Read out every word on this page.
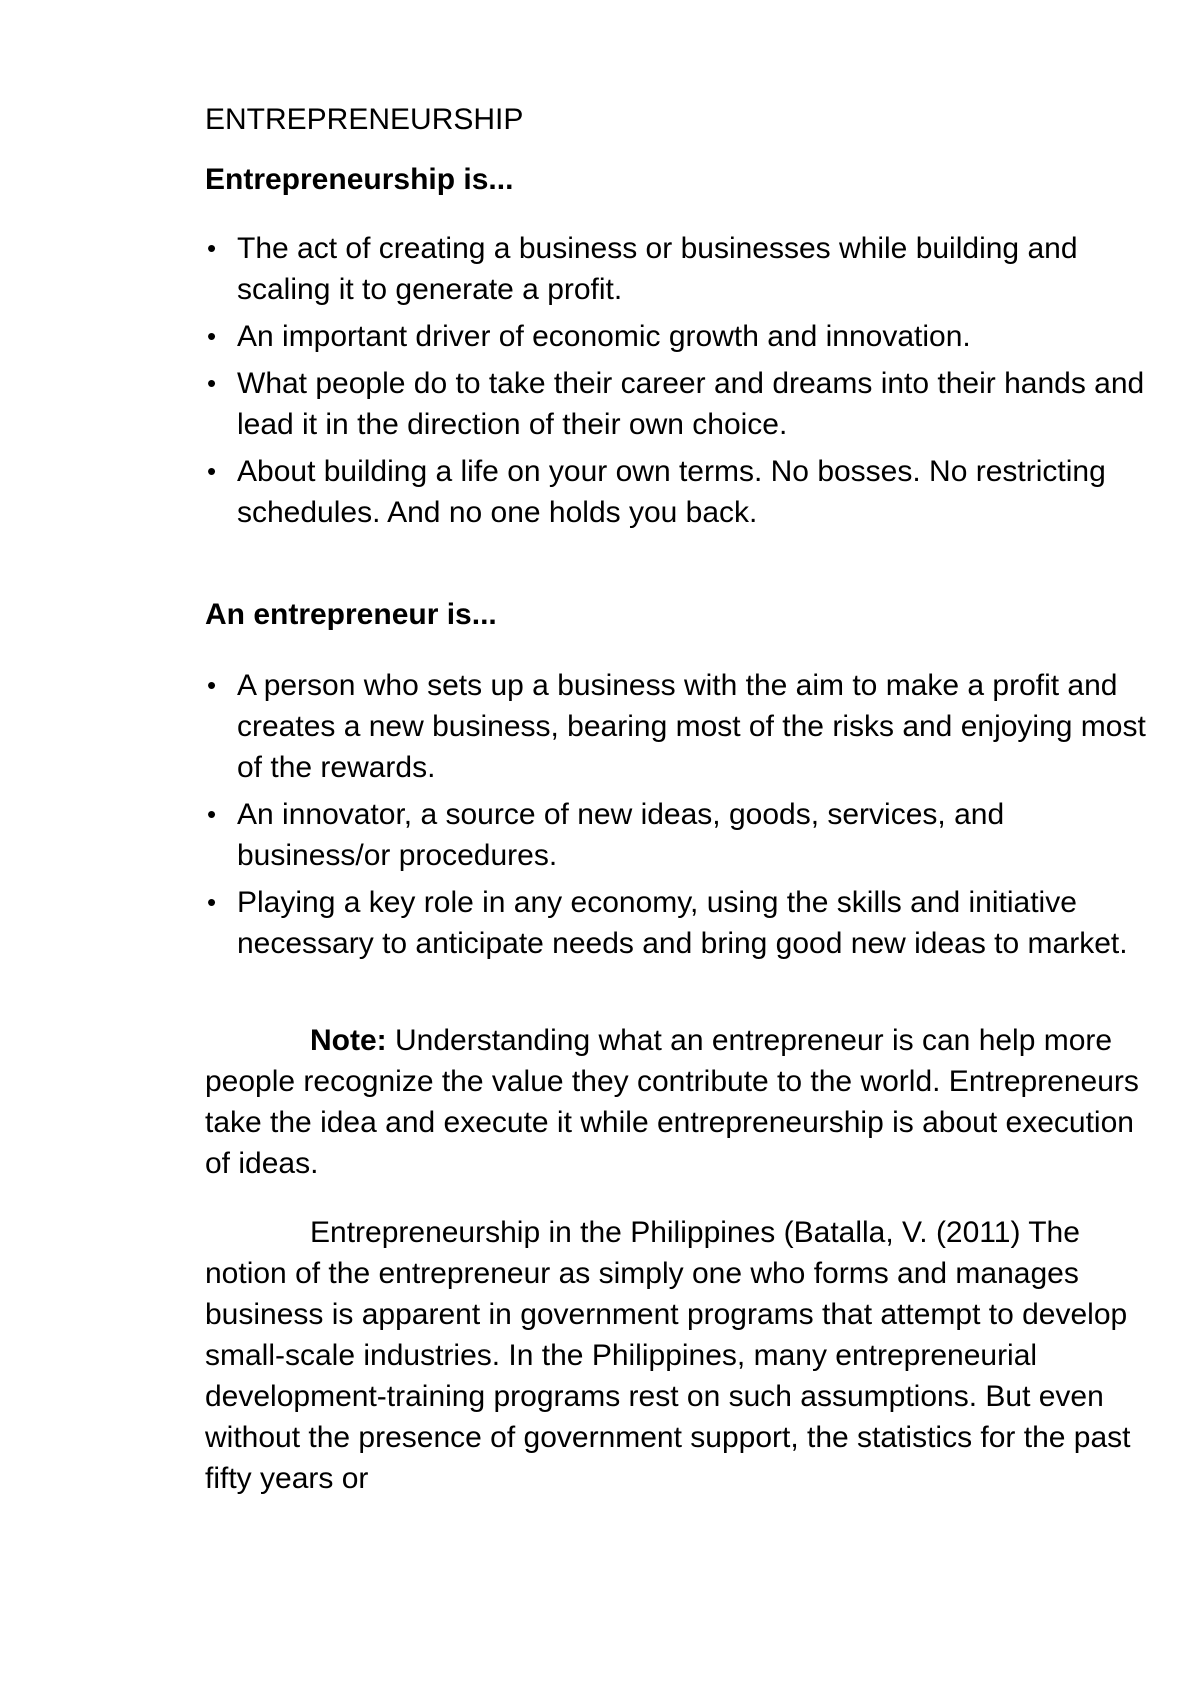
ENTREPRENEURSHIP
Entrepreneurship is...
• The act of creating a business or businesses while building and scaling it to generate a profit.
• An important driver of economic growth and innovation.
• What people do to take their career and dreams into their hands and lead it in the direction of their own choice.
• About building a life on your own terms. No bosses. No restricting schedules. And no one holds you back.
An entrepreneur is...
• A person who sets up a business with the aim to make a profit and creates a new business, bearing most of the risks and enjoying most of the rewards.
• An innovator, a source of new ideas, goods, services, and business/or procedures.
• Playing a key role in any economy, using the skills and initiative necessary to anticipate needs and bring good new ideas to market.

Note: Understanding what an entrepreneur is can help more people recognize the value they contribute to the world. Entrepreneurs take the idea and execute it while entrepreneurship is about execution of ideas.

Entrepreneurship in the Philippines (Batalla, V. (2011) The notion of the entrepreneur as simply one who forms and manages business is apparent in government programs that attempt to develop small-scale industries. In the Philippines, many entrepreneurial development-training programs rest on such assumptions. But even without the presence of government support, the statistics for the past fifty years or
